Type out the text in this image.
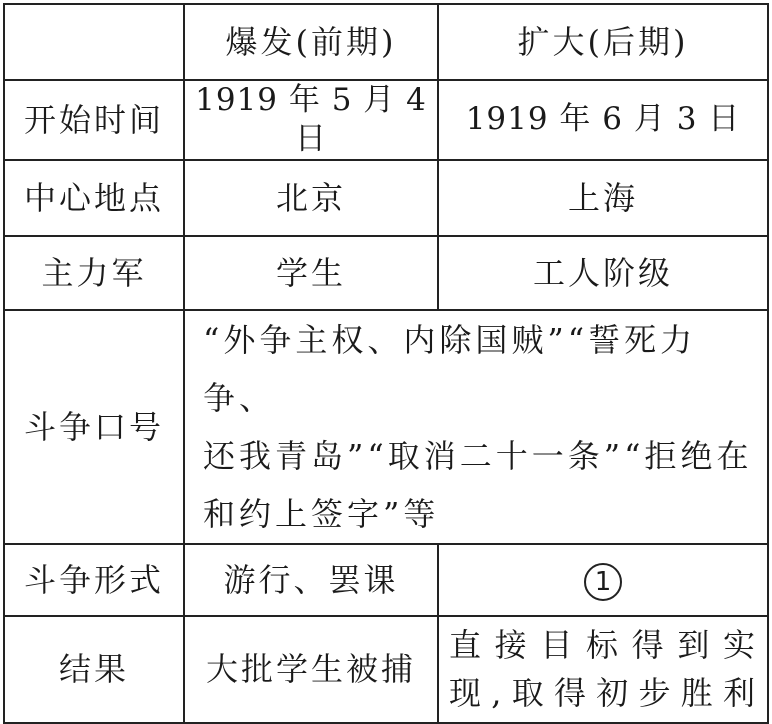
	爆发(前期)	扩大(后期)
开始时间	1919 年 5 月 4 日	1919 年 6 月 3 日
中心地点	北京	上海
主力军	学生	工人阶级
斗争口号	“外争主权、内除国贼”“誓死力争、
还我青岛”“取消二十一条”“拒绝在
和约上签字”等	

斗争形式	游行、罢课	1
结果	大批学生被捕	直接目标得到实
现,取得初步胜利
